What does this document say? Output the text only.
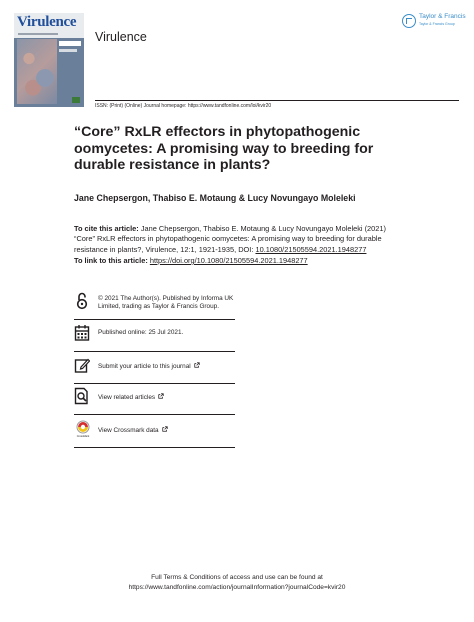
Virulence
Virulence
Taylor & Francis
Taylor & Francis Group
ISSN: (Print) (Online) Journal homepage: https://www.tandfonline.com/loi/kvir20
“Core” RxLR effectors in phytopathogenic oomycetes: A promising way to breeding for durable resistance in plants?
Jane Chepsergon, Thabiso E. Motaung & Lucy Novungayo Moleleki
To cite this article: Jane Chepsergon, Thabiso E. Motaung & Lucy Novungayo Moleleki (2021) “Core” RxLR effectors in phytopathogenic oomycetes: A promising way to breeding for durable resistance in plants?, Virulence, 12:1, 1921-1935, DOI: 10.1080/21505594.2021.1948277
To link to this article: https://doi.org/10.1080/21505594.2021.1948277
© 2021 The Author(s). Published by Informa UK Limited, trading as Taylor & Francis Group.
Published online: 25 Jul 2021.
Submit your article to this journal
View related articles
CrossMark
View Crossmark data
Full Terms & Conditions of access and use can be found at
https://www.tandfonline.com/action/journalInformation?journalCode=kvir20
